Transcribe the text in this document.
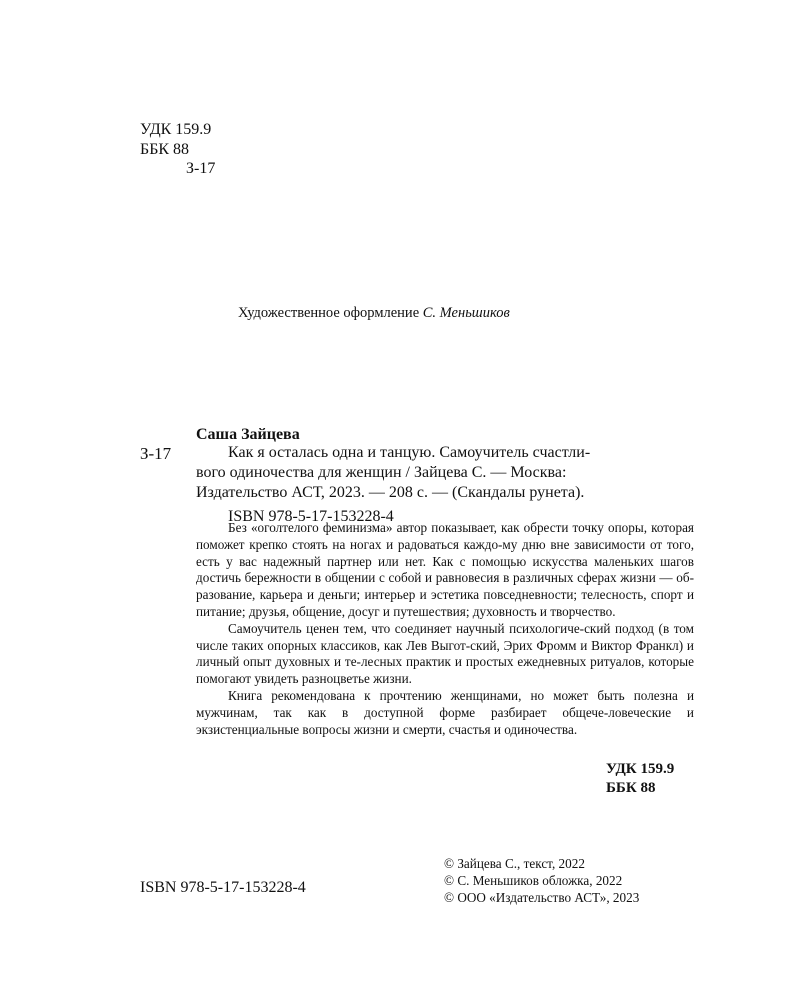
УДК 159.9
ББК 88
З-17
Художественное оформление С. Меньшиков
Саша Зайцева
З-17	Как я осталась одна и танцую. Самоучитель счастли-

вого одиночества для женщин / Зайцева С. — Москва:

Издательство АСТ, 2023. — 208 с. — (Скандалы рунета).

ISBN 978-5-17-153228-4

Без «оголтелого феминизма» автор показывает, как обрести точку опоры, которая поможет крепко стоять на ногах и радоваться каждо-му дню вне зависимости от того, есть у вас надежный партнер или нет. Как с помощью искусства маленьких шагов достичь бережности в общении с собой и равновесия в различных сферах жизни — об-разование, карьера и деньги; интерьер и эстетика повседневности; телесность, спорт и питание; друзья, общение, досуг и путешествия; духовность и творчество.

Самоучитель ценен тем, что соединяет научный психологиче-ский подход (в том числе таких опорных классиков, как Лев Выгот-ский, Эрих Фромм и Виктор Франкл) и личный опыт духовных и те-лесных практик и простых ежедневных ритуалов, которые помогают увидеть разноцветье жизни.

Книга рекомендована к прочтению женщинами, но может быть полезна и мужчинам, так как в доступной форме разбирает общече-ловеческие и экзистенциальные вопросы жизни и смерти, счастья и одиночества.

УДК 159.9
ББК 88
ISBN 978-5-17-153228-4
© Зайцева С., текст, 2022
© С. Меньшиков обложка, 2022
© ООО «Издательство АСТ», 2023
